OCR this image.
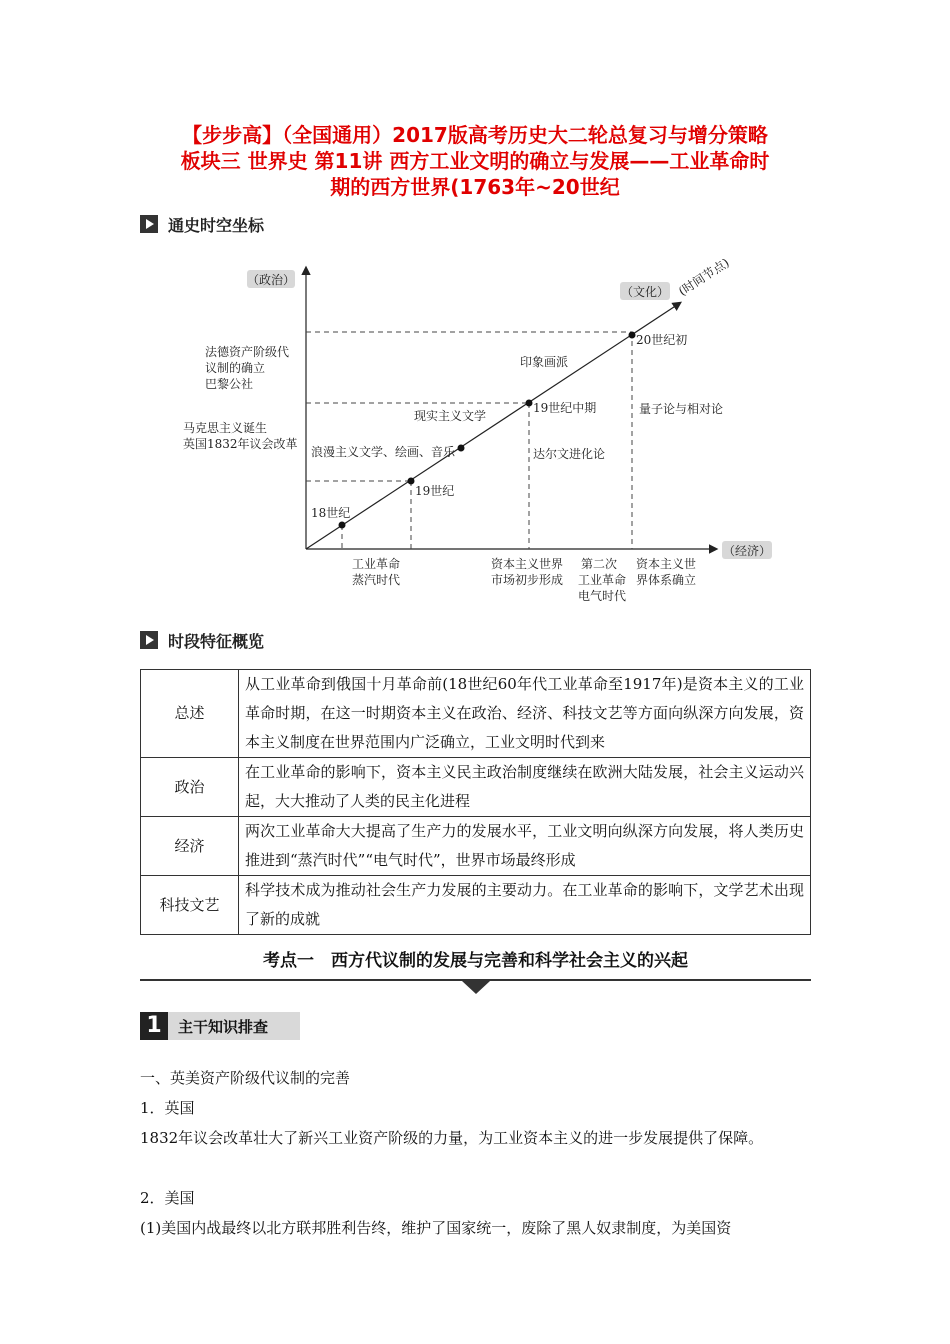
【步步高】（全国通用）2017版高考历史大二轮总复习与增分策略
板块三 世界史 第11讲 西方工业文明的确立与发展——工业革命时
期的西方世界(1763年~20世纪
通史时空坐标
（政治）
（文化）
（经济）
(时间节点)
法德资产阶级代
议制的确立
巴黎公社
马克思主义诞生
英国1832年议会改革
18世纪
19世纪
19世纪中期
20世纪初
浪漫主义文学、绘画、音乐
现实主义文学
印象画派
量子论与相对论
达尔文进化论
工业革命
蒸汽时代
资本主义世界
市场初步形成
第二次
工业革命
电气时代
资本主义世
界体系确立
时段特征概览
总述	从工业革命到俄国十月革命前(18世纪60年代工业革命至1917年)是资本主义的工业革命时期，在这一时期资本主义在政治、经济、科技文艺等方面向纵深方向发展，资本主义制度在世界范围内广泛确立，工业文明时代到来
政治	在工业革命的影响下，资本主义民主政治制度继续在欧洲大陆发展，社会主义运动兴起，大大推动了人类的民主化进程
经济	两次工业革命大大提高了生产力的发展水平，工业文明向纵深方向发展，将人类历史推进到“蒸汽时代”“电气时代”，世界市场最终形成
科技文艺	科学技术成为推动社会生产力发展的主要动力。在工业革命的影响下，文学艺术出现了新的成就
考点一　西方代议制的发展与完善和科学社会主义的兴起
1	主干知识排查

一、英美资产阶级代议制的完善

1．英国

1832年议会改革壮大了新兴工业资产阶级的力量，为工业资本主义的进一步发展提供了保障。

2．美国

(1)美国内战最终以北方联邦胜利告终，维护了国家统一，废除了黑人奴隶制度，为美国资
